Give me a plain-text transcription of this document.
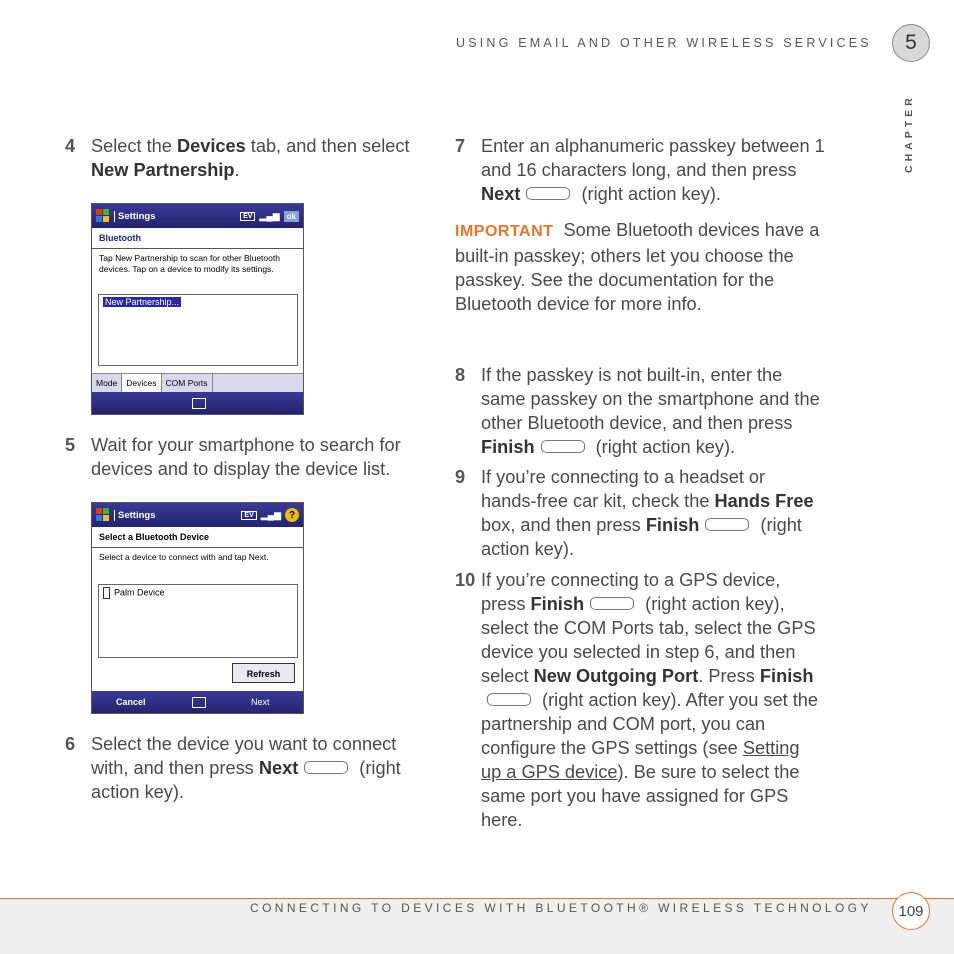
USING EMAIL AND OTHER WIRELESS SERVICES	5
CHAPTER
4 Select the Devices tab, and then select New Partnership.
Settings	EV ▂▄▆ ok
Bluetooth
Tap New Partnership to scan for other Bluetooth devices. Tap on a device to modify its settings.
New Partnership...
Mode	Devices	COM Ports
5 Wait for your smartphone to search for devices and to display the device list.
Settings	EV ▂▄▆ ?
Select a Bluetooth Device
Select a device to connect with and tap Next.
Palm Device
Refresh
Cancel	Next
6 Select the device you want to connect with, and then press Next	(right action key).
7 Enter an alphanumeric passkey between 1 and 16 characters long, and then press Next	(right action key).
IMPORTANT Some Bluetooth devices have a built-in passkey; others let you choose the passkey. See the documentation for the Bluetooth device for more info.
8 If the passkey is not built-in, enter the same passkey on the smartphone and the other Bluetooth device, and then press Finish	(right action key).
9 If you’re connecting to a headset or hands-free car kit, check the Hands Free box, and then press Finish	(right action key).
10 If you’re connecting to a GPS device, press Finish	(right action key), select the COM Ports tab, select the GPS device you selected in step 6, and then select New Outgoing Port. Press Finish (right action key). After you set the partnership and COM port, you can configure the GPS settings (see Setting up a GPS device). Be sure to select the same port you have assigned for GPS here.
CONNECTING TO DEVICES WITH BLUETOOTH® WIRELESS TECHNOLOGY	109
